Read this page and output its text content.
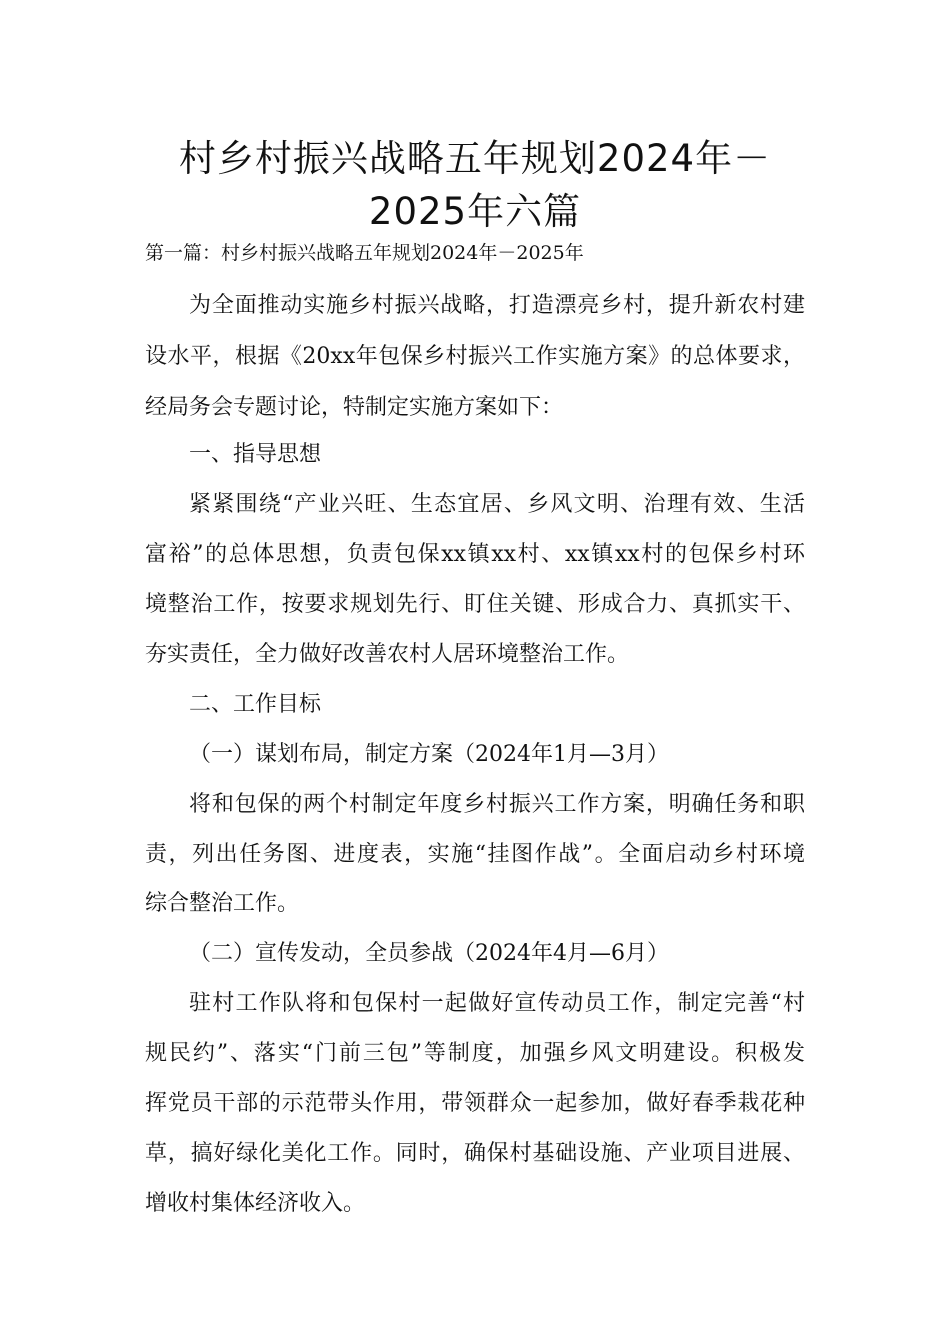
村乡村振兴战略五年规划2024年－
2025年六篇
第一篇：村乡村振兴战略五年规划2024年－2025年
为全面推动实施乡村振兴战略，打造漂亮乡村，提升新农村建
设水平，根据《20xx年包保乡村振兴工作实施方案》的总体要求，
经局务会专题讨论，特制定实施方案如下：
一、指导思想
紧紧围绕“产业兴旺、生态宜居、乡风文明、治理有效、生活
富裕”的总体思想，负责包保xx镇xx村、xx镇xx村的包保乡村环
境整治工作，按要求规划先行、盯住关键、形成合力、真抓实干、
夯实责任，全力做好改善农村人居环境整治工作。
二、工作目标
（一）谋划布局，制定方案（2024年1月—3月）
将和包保的两个村制定年度乡村振兴工作方案，明确任务和职
责，列出任务图、进度表，实施“挂图作战”。全面启动乡村环境
综合整治工作。
（二）宣传发动，全员参战（2024年4月—6月）
驻村工作队将和包保村一起做好宣传动员工作，制定完善“村
规民约”、落实“门前三包”等制度，加强乡风文明建设。积极发
挥党员干部的示范带头作用，带领群众一起参加，做好春季栽花种
草，搞好绿化美化工作。同时，确保村基础设施、产业项目进展、
增收村集体经济收入。
